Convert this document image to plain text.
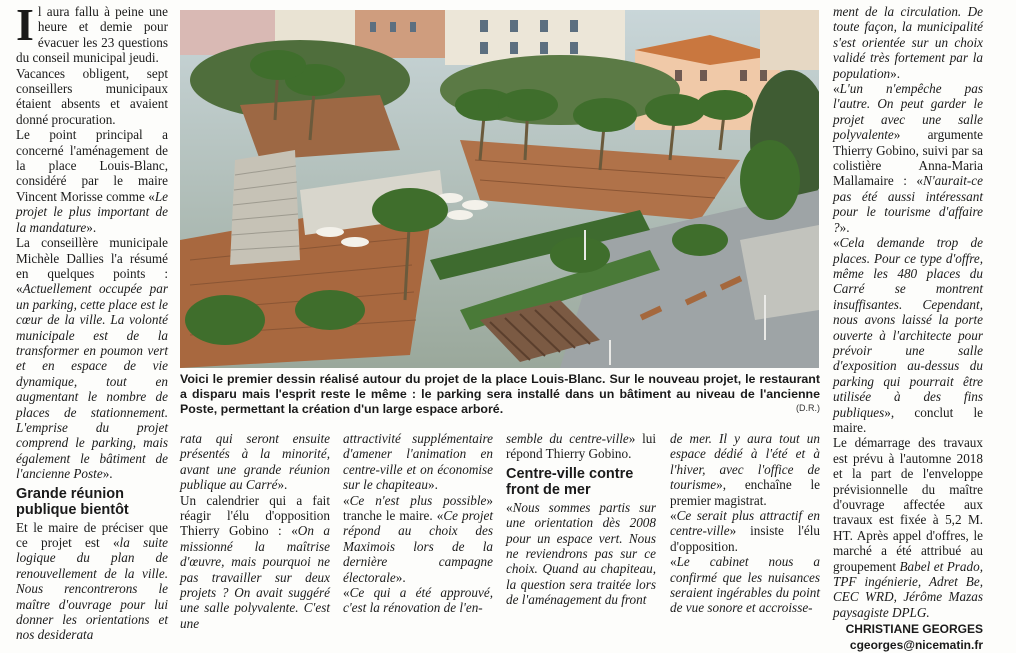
Il aura fallu à peine une heure et demie pour évacuer les 23 questions du conseil municipal jeudi.

Vacances obligent, sept conseillers municipaux étaient absents et avaient donné procuration.

Le point principal a concerné l'aménagement de la place Louis-Blanc, considéré par le maire Vincent Morisse comme «Le projet le plus important de la mandature».

La conseillère municipale Michèle Dallies l'a résumé en quelques points : «Actuellement occupée par un parking, cette place est le cœur de la ville. La volonté municipale est de la transformer en poumon vert et en espace de vie dynamique, tout en augmentant le nombre de places de stationnement. L'emprise du projet comprend le parking, mais également le bâtiment de l'ancienne Poste».

Grande réunion publique bientôt

Et le maire de préciser que ce projet est «la suite logique du plan de renouvellement de la ville. Nous rencontrerons le maître d'ouvrage pour lui donner les orientations et nos desiderata

Voici le premier dessin réalisé autour du projet de la place Louis-Blanc. Sur le nouveau projet, le restaurant a disparu mais l'esprit reste le même : le parking sera installé dans un bâtiment au niveau de l'ancienne Poste, permettant la création d'un large espace arboré.	(D.R.)

rata qui seront ensuite présentés à la minorité, avant une grande réunion publique au Carré».

Un calendrier qui a fait réagir l'élu d'opposition Thierry Gobino : «On a missionné la maîtrise d'œuvre, mais pourquoi ne pas travailler sur deux projets ? On avait suggéré une salle polyvalente. C'est une

attractivité supplémentaire d'amener l'animation en centre-ville et on économise sur le chapiteau».

«Ce n'est plus possible» tranche le maire. «Ce projet répond au choix des Maximois lors de la dernière campagne électorale».

«Ce qui a été approuvé, c'est la rénovation de l'en-

semble du centre-ville» lui répond Thierry Gobino.

Centre-ville contre front de mer

«Nous sommes partis sur une orientation dès 2008 pour un espace vert. Nous ne reviendrons pas sur ce choix. Quand au chapiteau, la question sera traitée lors de l'aménagement du front

de mer. Il y aura tout un espace dédié à l'été et à l'hiver, avec l'office de tourisme», enchaîne le premier magistrat.

«Ce serait plus attractif en centre-ville» insiste l'élu d'opposition.

«Le cabinet nous a confirmé que les nuisances seraient ingérables du point de vue sonore et accroisse-

ment de la circulation. De toute façon, la municipalité s'est orientée sur un choix validé très fortement par la population».

«L'un n'empêche pas l'autre. On peut garder le projet avec une salle polyvalente» argumente Thierry Gobino, suivi par sa colistière Anna-Maria Mallamaire : «N'aurait-ce pas été aussi intéressant pour le tourisme d'affaire ?».

«Cela demande trop de places. Pour ce type d'offre, même les 480 places du Carré se montrent insuffisantes. Cependant, nous avons laissé la porte ouverte à l'architecte pour prévoir une salle d'exposition au-dessus du parking qui pourrait être utilisée à des fins publiques», conclut le maire.

Le démarrage des travaux est prévu à l'automne 2018 et la part de l'enveloppe prévisionnelle du maître d'ouvrage affectée aux travaux est fixée à 5,2 M. HT. Après appel d'offres, le marché a été attribué au groupement Babel et Prado, TPF ingénierie, Adret Be, CEC WRD, Jérôme Mazas paysagiste DPLG.

CHRISTIANE GEORGES
cgeorges@nicematin.fr
